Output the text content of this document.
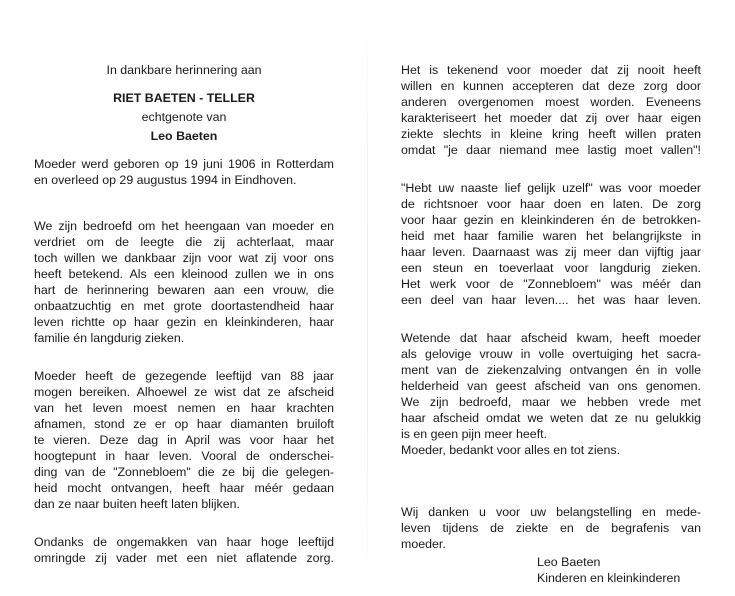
In dankbare herinnering aan
RIET BAETEN - TELLER
echtgenote van
Leo Baeten
Moeder werd geboren op 19 juni 1906 in Rotterdam
en overleed op 29 augustus 1994 in Eindhoven.
We zijn bedroefd om het heengaan van moeder en
verdriet om de leegte die zij achterlaat, maar
toch willen we dankbaar zijn voor wat zij voor ons
heeft betekend. Als een kleinood zullen we in ons
hart de herinnering bewaren aan een vrouw, die
onbaatzuchtig en met grote doortastendheid haar
leven richtte op haar gezin en kleinkinderen, haar
familie én langdurig zieken.
Moeder heeft de gezegende leeftijd van 88 jaar
mogen bereiken. Alhoewel ze wist dat ze afscheid
van het leven moest nemen en haar krachten
afnamen, stond ze er op haar diamanten bruiloft
te vieren. Deze dag in April was voor haar het
hoogtepunt in haar leven. Vooral de onderschei-
ding van de "Zonnebloem" die ze bij die gelegen-
heid mocht ontvangen, heeft haar méér gedaan
dan ze naar buiten heeft laten blijken.
Ondanks de ongemakken van haar hoge leeftijd
omringde zij vader met een niet aflatende zorg.
Het is tekenend voor moeder dat zij nooit heeft
willen en kunnen accepteren dat deze zorg door
anderen overgenomen moest worden. Eveneens
karakteriseert het moeder dat zij over haar eigen
ziekte slechts in kleine kring heeft willen praten
omdat "je daar niemand mee lastig moet vallen"!
"Hebt uw naaste lief gelijk uzelf" was voor moeder
de richtsnoer voor haar doen en laten. De zorg
voor haar gezin en kleinkinderen én de betrokken-
heid met haar familie waren het belangrijkste in
haar leven. Daarnaast was zij meer dan vijftig jaar
een steun en toeverlaat voor langdurig zieken.
Het werk voor de "Zonnebloem" was méér dan
een deel van haar leven.... het was haar leven.
Wetende dat haar afscheid kwam, heeft moeder
als gelovige vrouw in volle overtuiging het sacra-
ment van de ziekenzalving ontvangen én in volle
helderheid van geest afscheid van ons genomen.
We zijn bedroefd, maar we hebben vrede met
haar afscheid omdat we weten dat ze nu gelukkig
is en geen pijn meer heeft.
Moeder, bedankt voor alles en tot ziens.
Wij danken u voor uw belangstelling en mede-
leven tijdens de ziekte en de begrafenis van
moeder.
Leo Baeten
Kinderen en kleinkinderen
